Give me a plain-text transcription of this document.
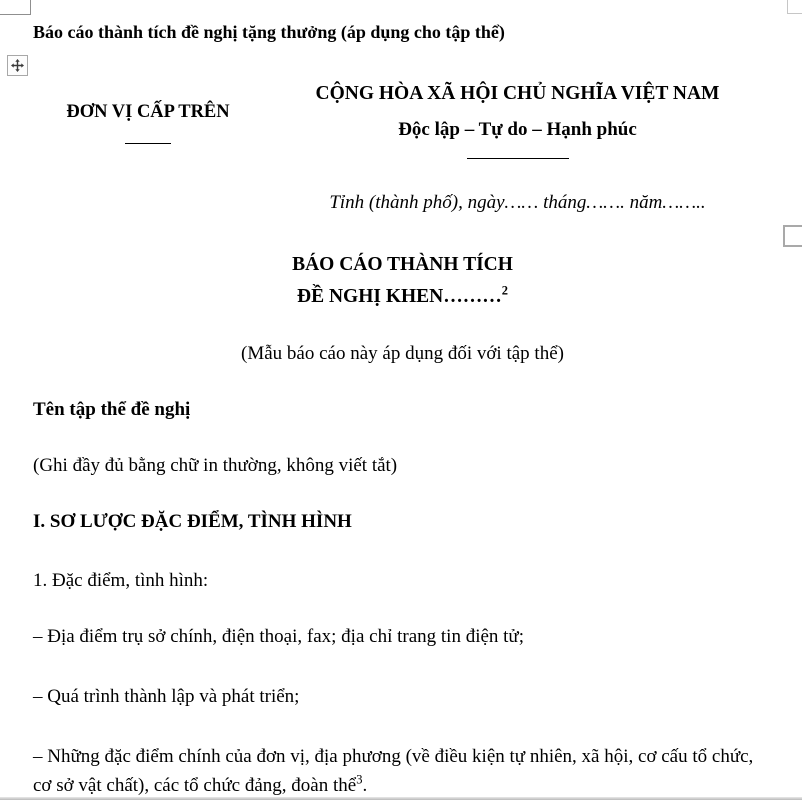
Báo cáo thành tích đề nghị tặng thưởng (áp dụng cho tập thể)
ĐƠN VỊ CẤP TRÊN
CỘNG HÒA XÃ HỘI CHỦ NGHĨA VIỆT NAM
Độc lập – Tự do – Hạnh phúc
Tỉnh (thành phố), ngày…… tháng……. năm……..
BÁO CÁO THÀNH TÍCH
ĐỀ NGHỊ KHEN………$^2$
(Mẫu báo cáo này áp dụng đối với tập thể)

Tên tập thể đề nghị

(Ghi đầy đủ bằng chữ in thường, không viết tắt)

I. SƠ LƯỢC ĐẶC ĐIỂM, TÌNH HÌNH

1. Đặc điểm, tình hình:

– Địa điểm trụ sở chính, điện thoại, fax; địa chỉ trang tin điện tử;

– Quá trình thành lập và phát triển;

– Những đặc điểm chính của đơn vị, địa phương (về điều kiện tự nhiên, xã hội, cơ cấu tổ chức, cơ sở vật chất), các tổ chức đảng, đoàn thể$^3$.
